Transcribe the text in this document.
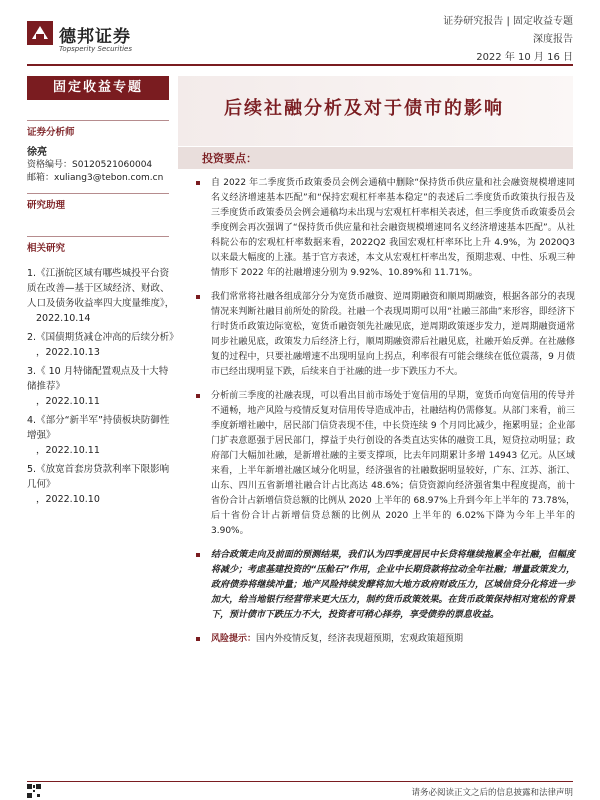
德邦证券
Topsperity Securities
证券研究报告 | 固定收益专题
深度报告
2022 年 10 月 16 日
固定收益专题
证券分析师
徐亮
资格编号：S0120521060004
邮箱：xuliang3@tebon.com.cn
研究助理
相关研究
1.《江浙皖区域有哪些城投平台资质在改善—基于区域经济、财政、人口及债务收益率四大度量维度》，
2022.10.14
2.《国债期货减仓冲高的后续分析》
，2022.10.13
3.《 10 月特储配置观点及十大特储推荐》
，2022.10.11
4.《部分“新半军”持债板块防御性增强》
，2022.10.11
5.《放宽首套房贷款利率下限影响几何》
，2022.10.10
后续社融分析及对于债市的影响
投资要点：

自 2022 年二季度货币政策委员会例会通稿中删除“保持货币供应量和社会融资规模增速同名义经济增速基本匹配”和“保持宏观杠杆率基本稳定”的表述后二季度货币政策执行报告及三季度货币政策委员会例会通稿均未出现与宏观杠杆率相关表述，但三季度货币政策委员会季度例会再次强调了“保持货币供应量和社会融资规模增速同名义经济增速基本匹配”。从社科院公布的宏观杠杆率数据来看，2022Q2 我国宏观杠杆率环比上升 4.9%，为 2020Q3 以来最大幅度的上涨。基于官方表述，本文从宏观杠杆率出发，预期悲观、中性、乐观三种情形下 2022 年的社融增速分别为 9.92%、10.89%和 11.71%。

我们常常将社融各组成部分分为宽货币融资、逆周期融资和顺周期融资，根据各部分的表现情况来判断社融目前所处的阶段。社融一个表现周期可以用“社融三部曲”来形容，即经济下行时货币政策边际宽松，宽货币融资领先社融见底，逆周期政策逐步发力，逆周期融资通常同步社融见底，政策发力后经济上行，顺周期融资滞后社融见底，社融开始反弹。在社融修复的过程中，只要社融增速不出现明显向上拐点，利率很有可能会继续在低位震荡，9 月债市已经出现明显下跌，后续来自于社融的进一步下跌压力不大。

分析前三季度的社融表现，可以看出目前市场处于宽信用的早期，宽货币向宽信用的传导并不通畅，地产风险与疫情反复对信用传导造成冲击，社融结构仍需修复。从部门来看，前三季度新增社融中，居民部门信贷表现不佳，中长贷连续 9 个月同比减少，拖累明显；企业部门扩表意愿强于居民部门，撑益于央行创设的各类直达实体的融资工具，短贷拉动明显；政府部门大幅加社融，是新增社融的主要支撑项，比去年同期累计多增 14943 亿元。从区域来看，上半年新增社融区域分化明显，经济强省的社融数据明显较好，广东、江苏、浙江、山东、四川五省新增社融合计占比高达 48.6%；信贷资源向经济强省集中程度提高，前十省份合计占新增信贷总额的比例从 2020 上半年的 68.97%上升到今年上半年的 73.78%，后十省份合计占新增信贷总额的比例从 2020 上半年的 6.02%下降为今年上半年的 3.90%。

结合政策走向及前面的预测结果，我们认为四季度居民中长贷将继续拖累全年社融，但幅度将减少；考虑基建投资的“压舱石”作用，企业中长期贷款将拉动全年社融；增量政策发力，政府债券将继续冲量；地产风险持续发酵将加大地方政府财政压力，区域信贷分化将进一步加大，给当地银行经营带来更大压力，制约货币政策效果。在货币政策保持相对宽松的背景下，预计债市下跌压力不大，投资者可稍心择券，享受债券的票息收益。

风险提示：国内外疫情反复，经济表现超预期，宏观政策超预期

请务必阅读正文之后的信息披露和法律声明
